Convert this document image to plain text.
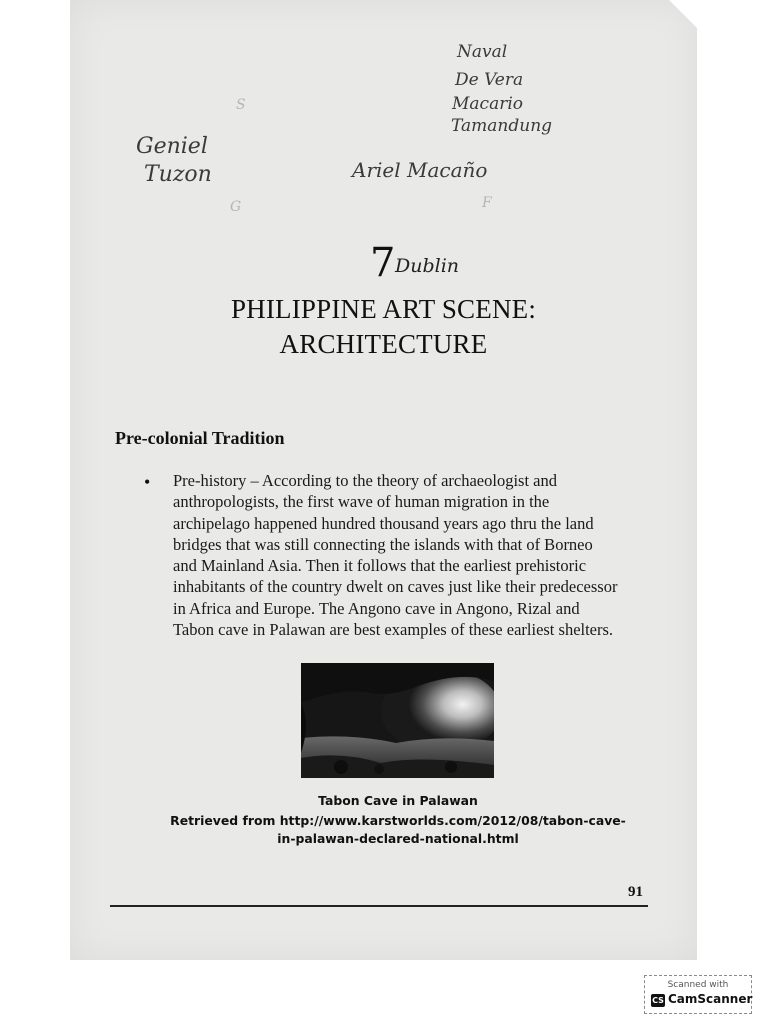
Naval
De Vera
Macario
Tamandung
Geniel
Tuzon	Ariel Macaño
S
G	F
7 Dublin
PHILIPPINE ART SCENE:
ARCHITECTURE
Pre-colonial Tradition
• Pre-history – According to the theory of archaeologist and
anthropologists, the first wave of human migration in the
archipelago happened hundred thousand years ago thru the land
bridges that was still connecting the islands with that of Borneo
and Mainland Asia. Then it follows that the earliest prehistoric
inhabitants of the country dwelt on caves just like their predecessor
in Africa and Europe. The Angono cave in Angono, Rizal and
Tabon cave in Palawan are best examples of these earliest shelters.
Tabon Cave in Palawan
Retrieved from http://www.karstworlds.com/2012/08/tabon-cave-
in-palawan-declared-national.html
91
Scanned with
CS CamScanner
